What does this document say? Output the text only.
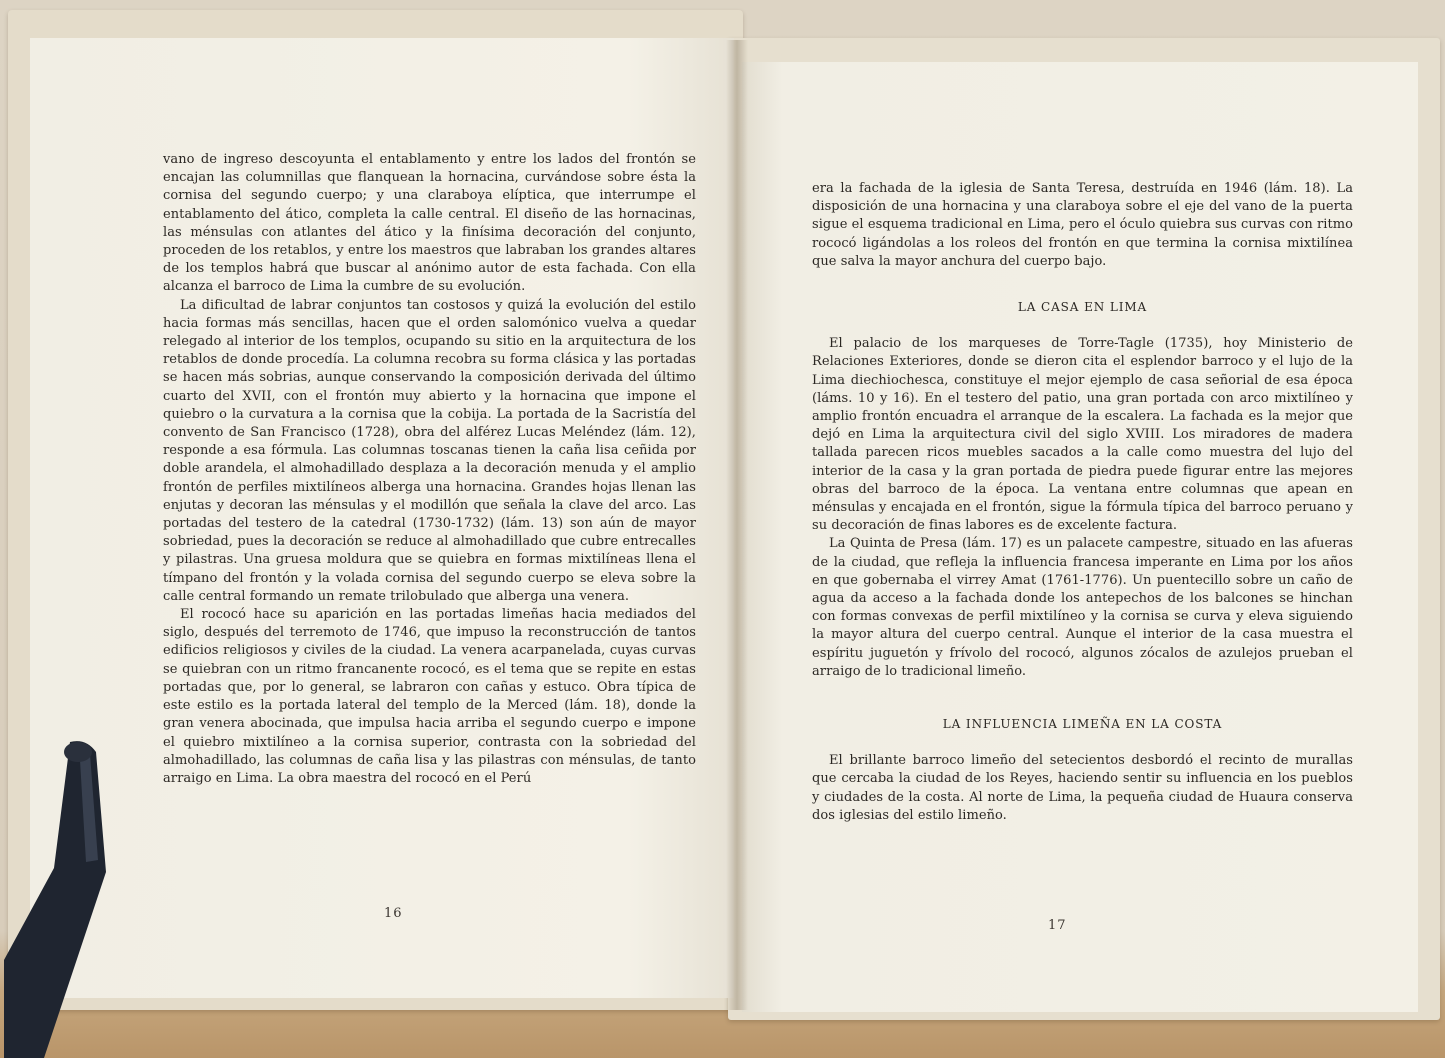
vano de ingreso descoyunta el entablamento y entre los lados del frontón se encajan las columnillas que flanquean la hornacina, curvándose sobre ésta la cornisa del segundo cuerpo; y una claraboya elíptica, que interrumpe el entablamento del ático, completa la calle central. El diseño de las hornacinas, las ménsulas con atlantes del ático y la finísima decoración del conjunto, proceden de los retablos, y entre los maestros que labraban los grandes altares de los templos habrá que buscar al anónimo autor de esta fachada. Con ella alcanza el barroco de Lima la cumbre de su evolución.

La dificultad de labrar conjuntos tan costosos y quizá la evolución del estilo hacia formas más sencillas, hacen que el orden salomónico vuelva a quedar relegado al interior de los templos, ocupando su sitio en la arquitectura de los retablos de donde procedía. La columna recobra su forma clásica y las portadas se hacen más sobrias, aunque conservando la composición derivada del último cuarto del XVII, con el frontón muy abierto y la hornacina que impone el quiebro o la curvatura a la cornisa que la cobija. La portada de la Sacristía del convento de San Francisco (1728), obra del alférez Lucas Meléndez (lám. 12), responde a esa fórmula. Las columnas toscanas tienen la caña lisa ceñida por doble arandela, el almohadillado desplaza a la decoración menuda y el amplio frontón de perfiles mixtilíneos alberga una hornacina. Grandes hojas llenan las enjutas y decoran las ménsulas y el modillón que señala la clave del arco. Las portadas del testero de la catedral (1730-1732) (lám. 13) son aún de mayor sobriedad, pues la decoración se reduce al almohadillado que cubre entrecalles y pilastras. Una gruesa moldura que se quiebra en formas mixtilíneas llena el tímpano del frontón y la volada cornisa del segundo cuerpo se eleva sobre la calle central formando un remate trilobulado que alberga una venera.

El rococó hace su aparición en las portadas limeñas hacia mediados del siglo, después del terremoto de 1746, que impuso la reconstrucción de tantos edificios religiosos y civiles de la ciudad. La venera acarpanelada, cuyas curvas se quiebran con un ritmo francanente rococó, es el tema que se repite en estas portadas que, por lo general, se labraron con cañas y estuco. Obra típica de este estilo es la portada lateral del templo de la Merced (lám. 18), donde la gran venera abocinada, que impulsa hacia arriba el segundo cuerpo e impone el quiebro mixtilíneo a la cornisa superior, contrasta con la sobriedad del almohadillado, las columnas de caña lisa y las pilastras con ménsulas, de tanto arraigo en Lima. La obra maestra del rococó en el Perú

16

era la fachada de la iglesia de Santa Teresa, destruída en 1946 (lám. 18). La disposición de una hornacina y una claraboya sobre el eje del vano de la puerta sigue el esquema tradicional en Lima, pero el óculo quiebra sus curvas con ritmo rococó ligándolas a los roleos del frontón en que termina la cornisa mixtilínea que salva la mayor anchura del cuerpo bajo.

LA CASA EN LIMA

El palacio de los marqueses de Torre-Tagle (1735), hoy Ministerio de Relaciones Exteriores, donde se dieron cita el esplendor barroco y el lujo de la Lima diechiochesca, constituye el mejor ejemplo de casa señorial de esa época (láms. 10 y 16). En el testero del patio, una gran portada con arco mixtilíneo y amplio frontón encuadra el arranque de la escalera. La fachada es la mejor que dejó en Lima la arquitectura civil del siglo XVIII. Los miradores de madera tallada parecen ricos muebles sacados a la calle como muestra del lujo del interior de la casa y la gran portada de piedra puede figurar entre las mejores obras del barroco de la época. La ventana entre columnas que apean en ménsulas y encajada en el frontón, sigue la fórmula típica del barroco peruano y su decoración de finas labores es de excelente factura.

La Quinta de Presa (lám. 17) es un palacete campestre, situado en las afueras de la ciudad, que refleja la influencia francesa imperante en Lima por los años en que gobernaba el virrey Amat (1761-1776). Un puentecillo sobre un caño de agua da acceso a la fachada donde los antepechos de los balcones se hinchan con formas convexas de perfil mixtilíneo y la cornisa se curva y eleva siguiendo la mayor altura del cuerpo central. Aunque el interior de la casa muestra el espíritu juguetón y frívolo del rococó, algunos zócalos de azulejos prueban el arraigo de lo tradicional limeño.

LA INFLUENCIA LIMEÑA EN LA COSTA

El brillante barroco limeño del setecientos desbordó el recinto de murallas que cercaba la ciudad de los Reyes, haciendo sentir su influencia en los pueblos y ciudades de la costa. Al norte de Lima, la pequeña ciudad de Huaura conserva dos iglesias del estilo limeño.

17
